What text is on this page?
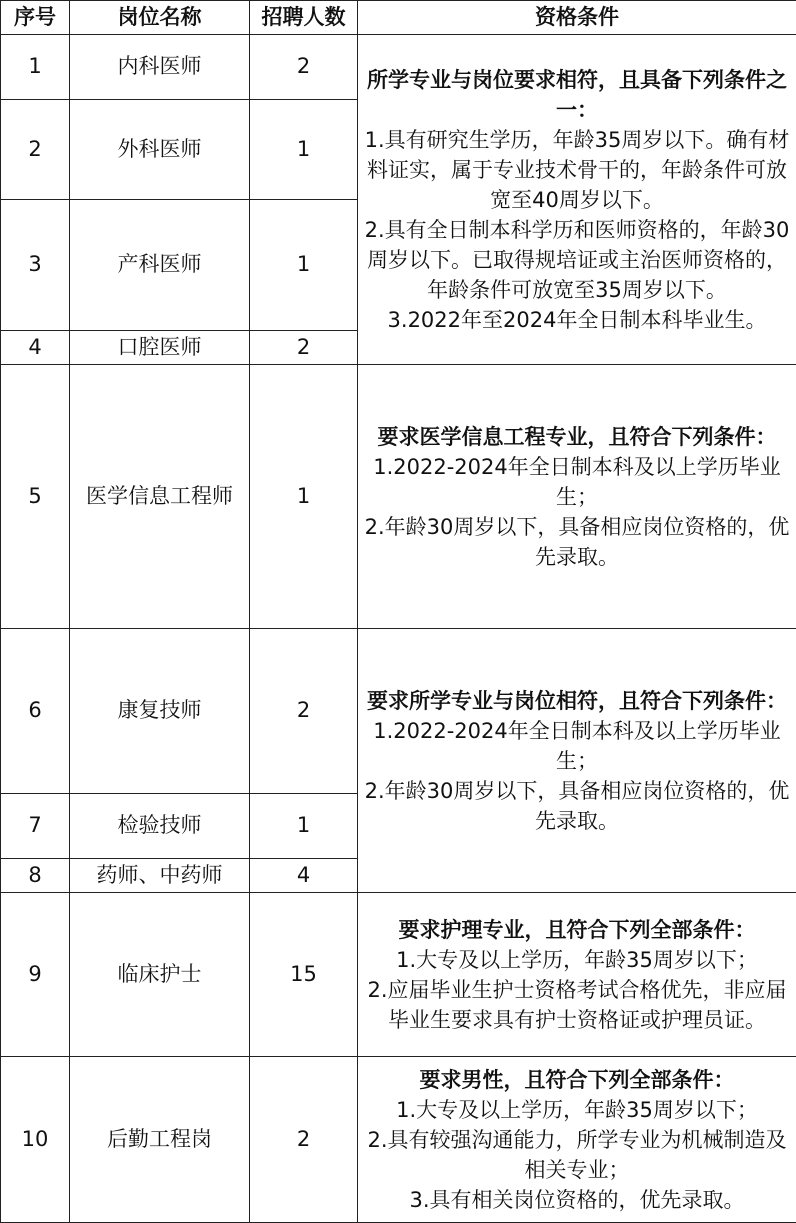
序号	岗位名称	招聘人数	资格条件
1	内科医师	2	所学专业与岗位要求相符，且具备下列条件之一：
1.具有研究生学历，年龄35周岁以下。确有材料证实，属于专业技术骨干的，年龄条件可放宽至40周岁以下。
2.具有全日制本科学历和医师资格的，年龄30周岁以下。已取得规培证或主治医师资格的，年龄条件可放宽至35周岁以下。
3.2022年至2024年全日制本科毕业生。

2	外科医师	1	
3	产科医师	1	
4	口腔医师	2	
5	医学信息工程师	1	要求医学信息工程专业，且符合下列条件：
1.2022-2024年全日制本科及以上学历毕业生；
2.年龄30周岁以下，具备相应岗位资格的，优先录取。

6	康复技师	2	要求所学专业与岗位相符，且符合下列条件：
1.2022-2024年全日制本科及以上学历毕业生；
2.年龄30周岁以下，具备相应岗位资格的，优先录取。

7	检验技师	1	
8	药师、中药师	4	
9	临床护士	15	要求护理专业，且符合下列全部条件：
1.大专及以上学历，年龄35周岁以下；
2.应届毕业生护士资格考试合格优先，非应届毕业生要求具有护士资格证或护理员证。

10	后勤工程岗	2	要求男性，且符合下列全部条件：
1.大专及以上学历，年龄35周岁以下；
2.具有较强沟通能力，所学专业为机械制造及相关专业；
3.具有相关岗位资格的，优先录取。
